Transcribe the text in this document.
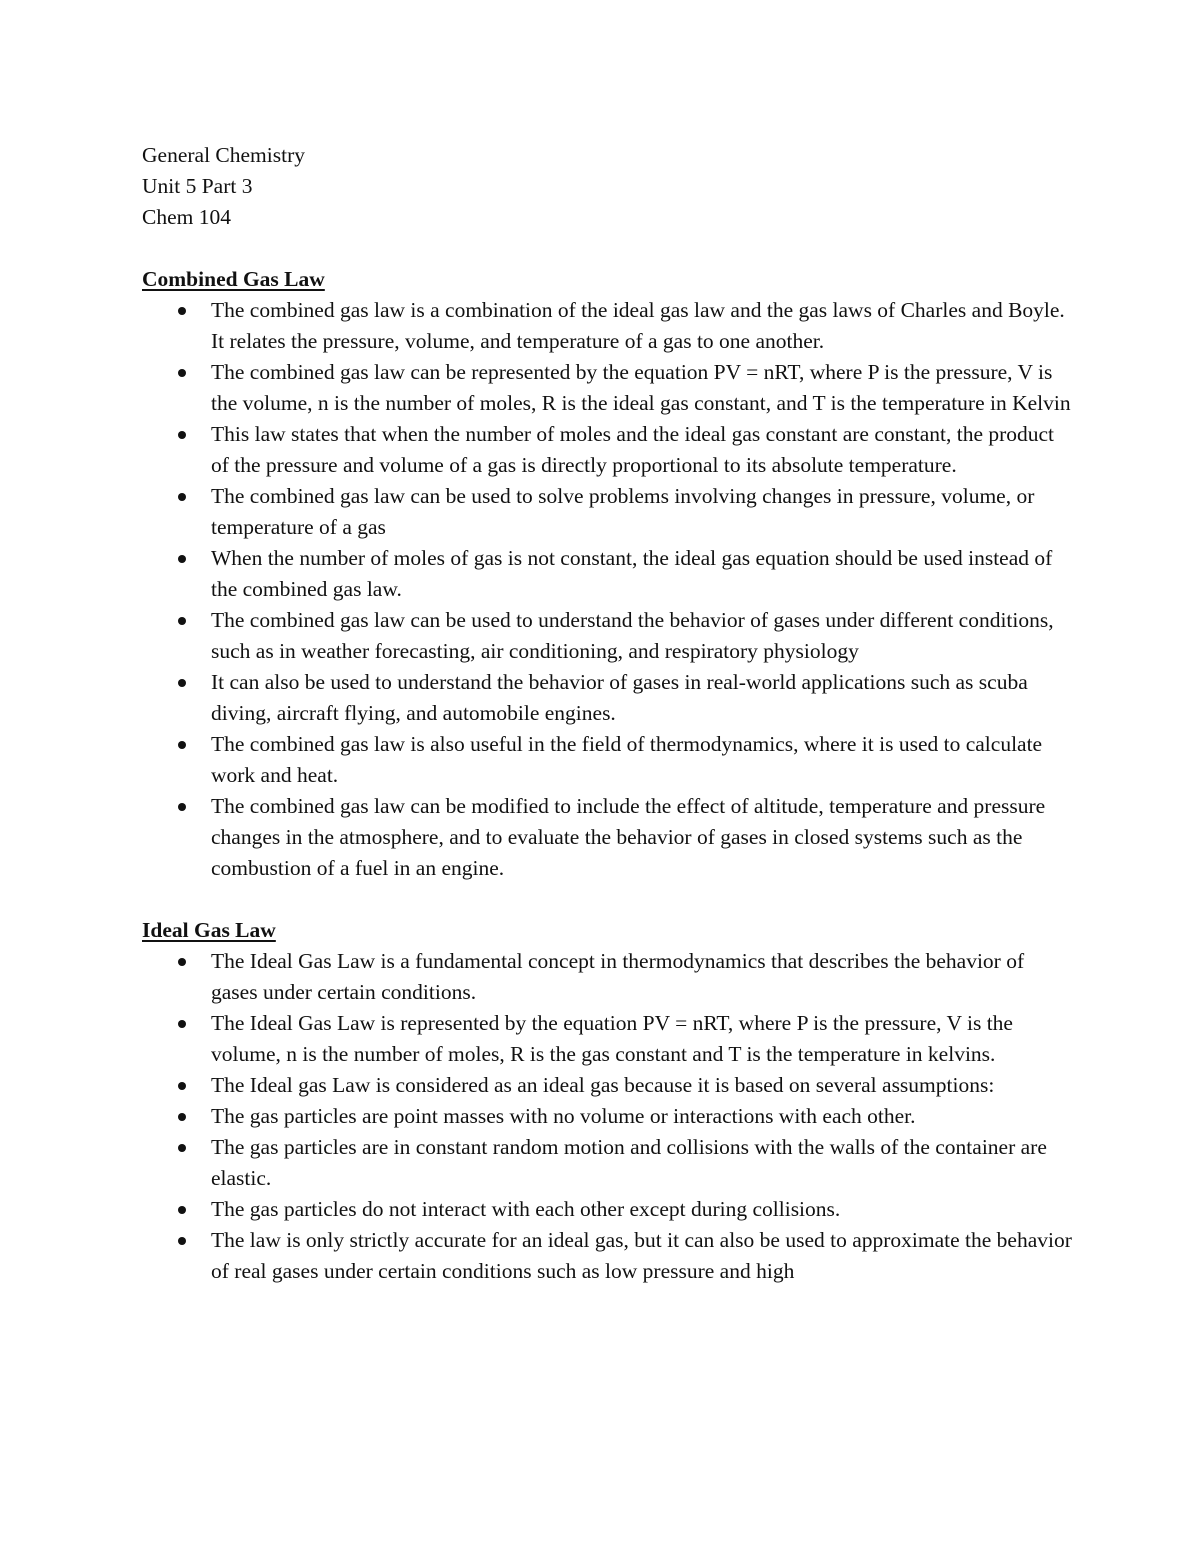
General Chemistry

Unit 5 Part 3

Chem 104

Combined Gas Law

The combined gas law is a combination of the ideal gas law and the gas laws of Charles and Boyle. It relates the pressure, volume, and temperature of a gas to one another.
The combined gas law can be represented by the equation PV = nRT, where P is the pressure, V is the volume, n is the number of moles, R is the ideal gas constant, and T is the temperature in Kelvin
This law states that when the number of moles and the ideal gas constant are constant, the product of the pressure and volume of a gas is directly proportional to its absolute temperature.
The combined gas law can be used to solve problems involving changes in pressure, volume, or temperature of a gas
When the number of moles of gas is not constant, the ideal gas equation should be used instead of the combined gas law.
The combined gas law can be used to understand the behavior of gases under different conditions, such as in weather forecasting, air conditioning, and respiratory physiology
It can also be used to understand the behavior of gases in real-world applications such as scuba diving, aircraft flying, and automobile engines.
The combined gas law is also useful in the field of thermodynamics, where it is used to calculate work and heat.
The combined gas law can be modified to include the effect of altitude, temperature and pressure changes in the atmosphere, and to evaluate the behavior of gases in closed systems such as the combustion of a fuel in an engine.

Ideal Gas Law

The Ideal Gas Law is a fundamental concept in thermodynamics that describes the behavior of gases under certain conditions.
The Ideal Gas Law is represented by the equation PV = nRT, where P is the pressure, V is the volume, n is the number of moles, R is the gas constant and T is the temperature in kelvins.
The Ideal gas Law is considered as an ideal gas because it is based on several assumptions:
The gas particles are point masses with no volume or interactions with each other.
The gas particles are in constant random motion and collisions with the walls of the container are elastic.
The gas particles do not interact with each other except during collisions.
The law is only strictly accurate for an ideal gas, but it can also be used to approximate the behavior of real gases under certain conditions such as low pressure and high
